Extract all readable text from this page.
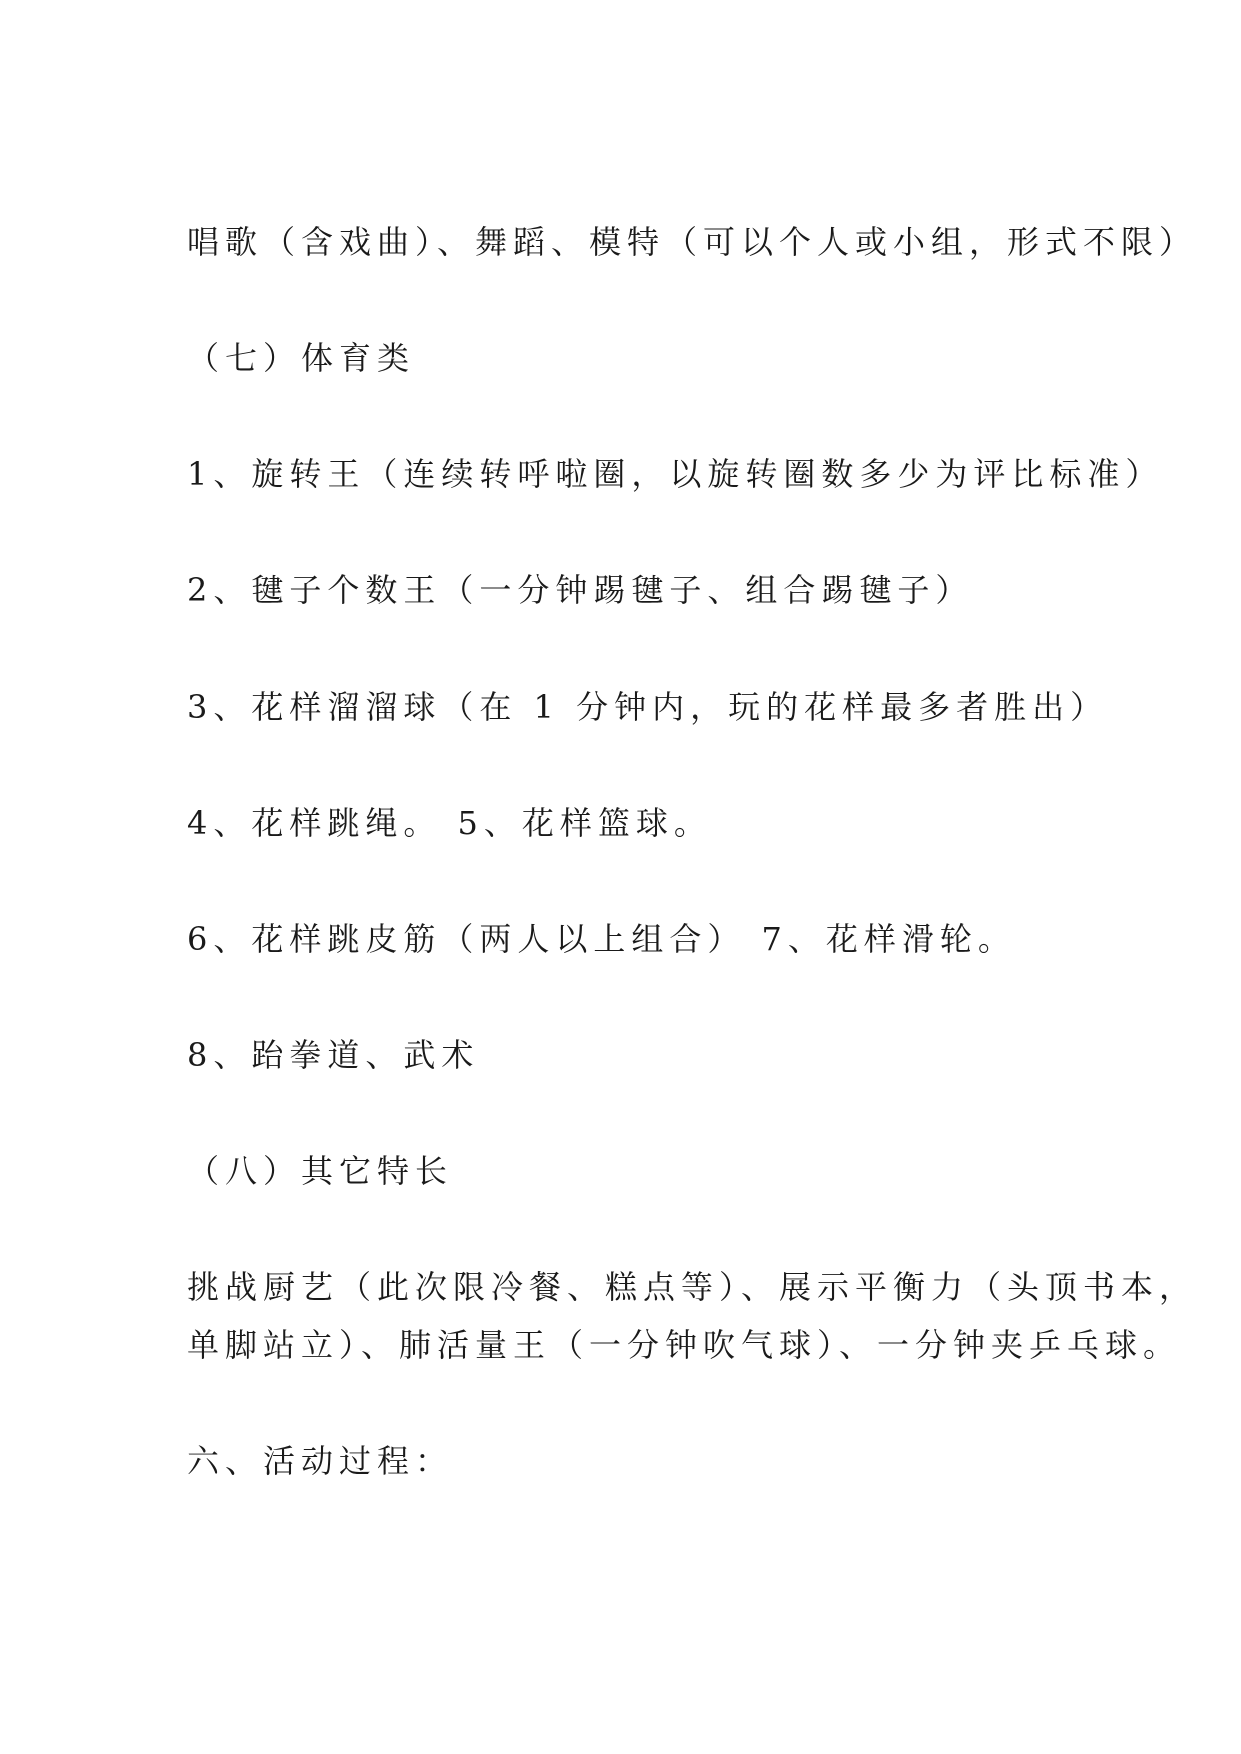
唱歌（含戏曲）、舞蹈、模特（可以个人或小组，形式不限）
（七）体育类
1、旋转王（连续转呼啦圈，以旋转圈数多少为评比标准）
2、毽子个数王（一分钟踢毽子、组合踢毽子）
3、花样溜溜球（在 1 分钟内，玩的花样最多者胜出）
4、花样跳绳。 5、花样篮球。
6、花样跳皮筋（两人以上组合） 7、花样滑轮。
8、跆拳道、武术
（八）其它特长
挑战厨艺（此次限冷餐、糕点等）、展示平衡力（头顶书本，
单脚站立）、肺活量王（一分钟吹气球）、一分钟夹乒乓球。
六、活动过程：
